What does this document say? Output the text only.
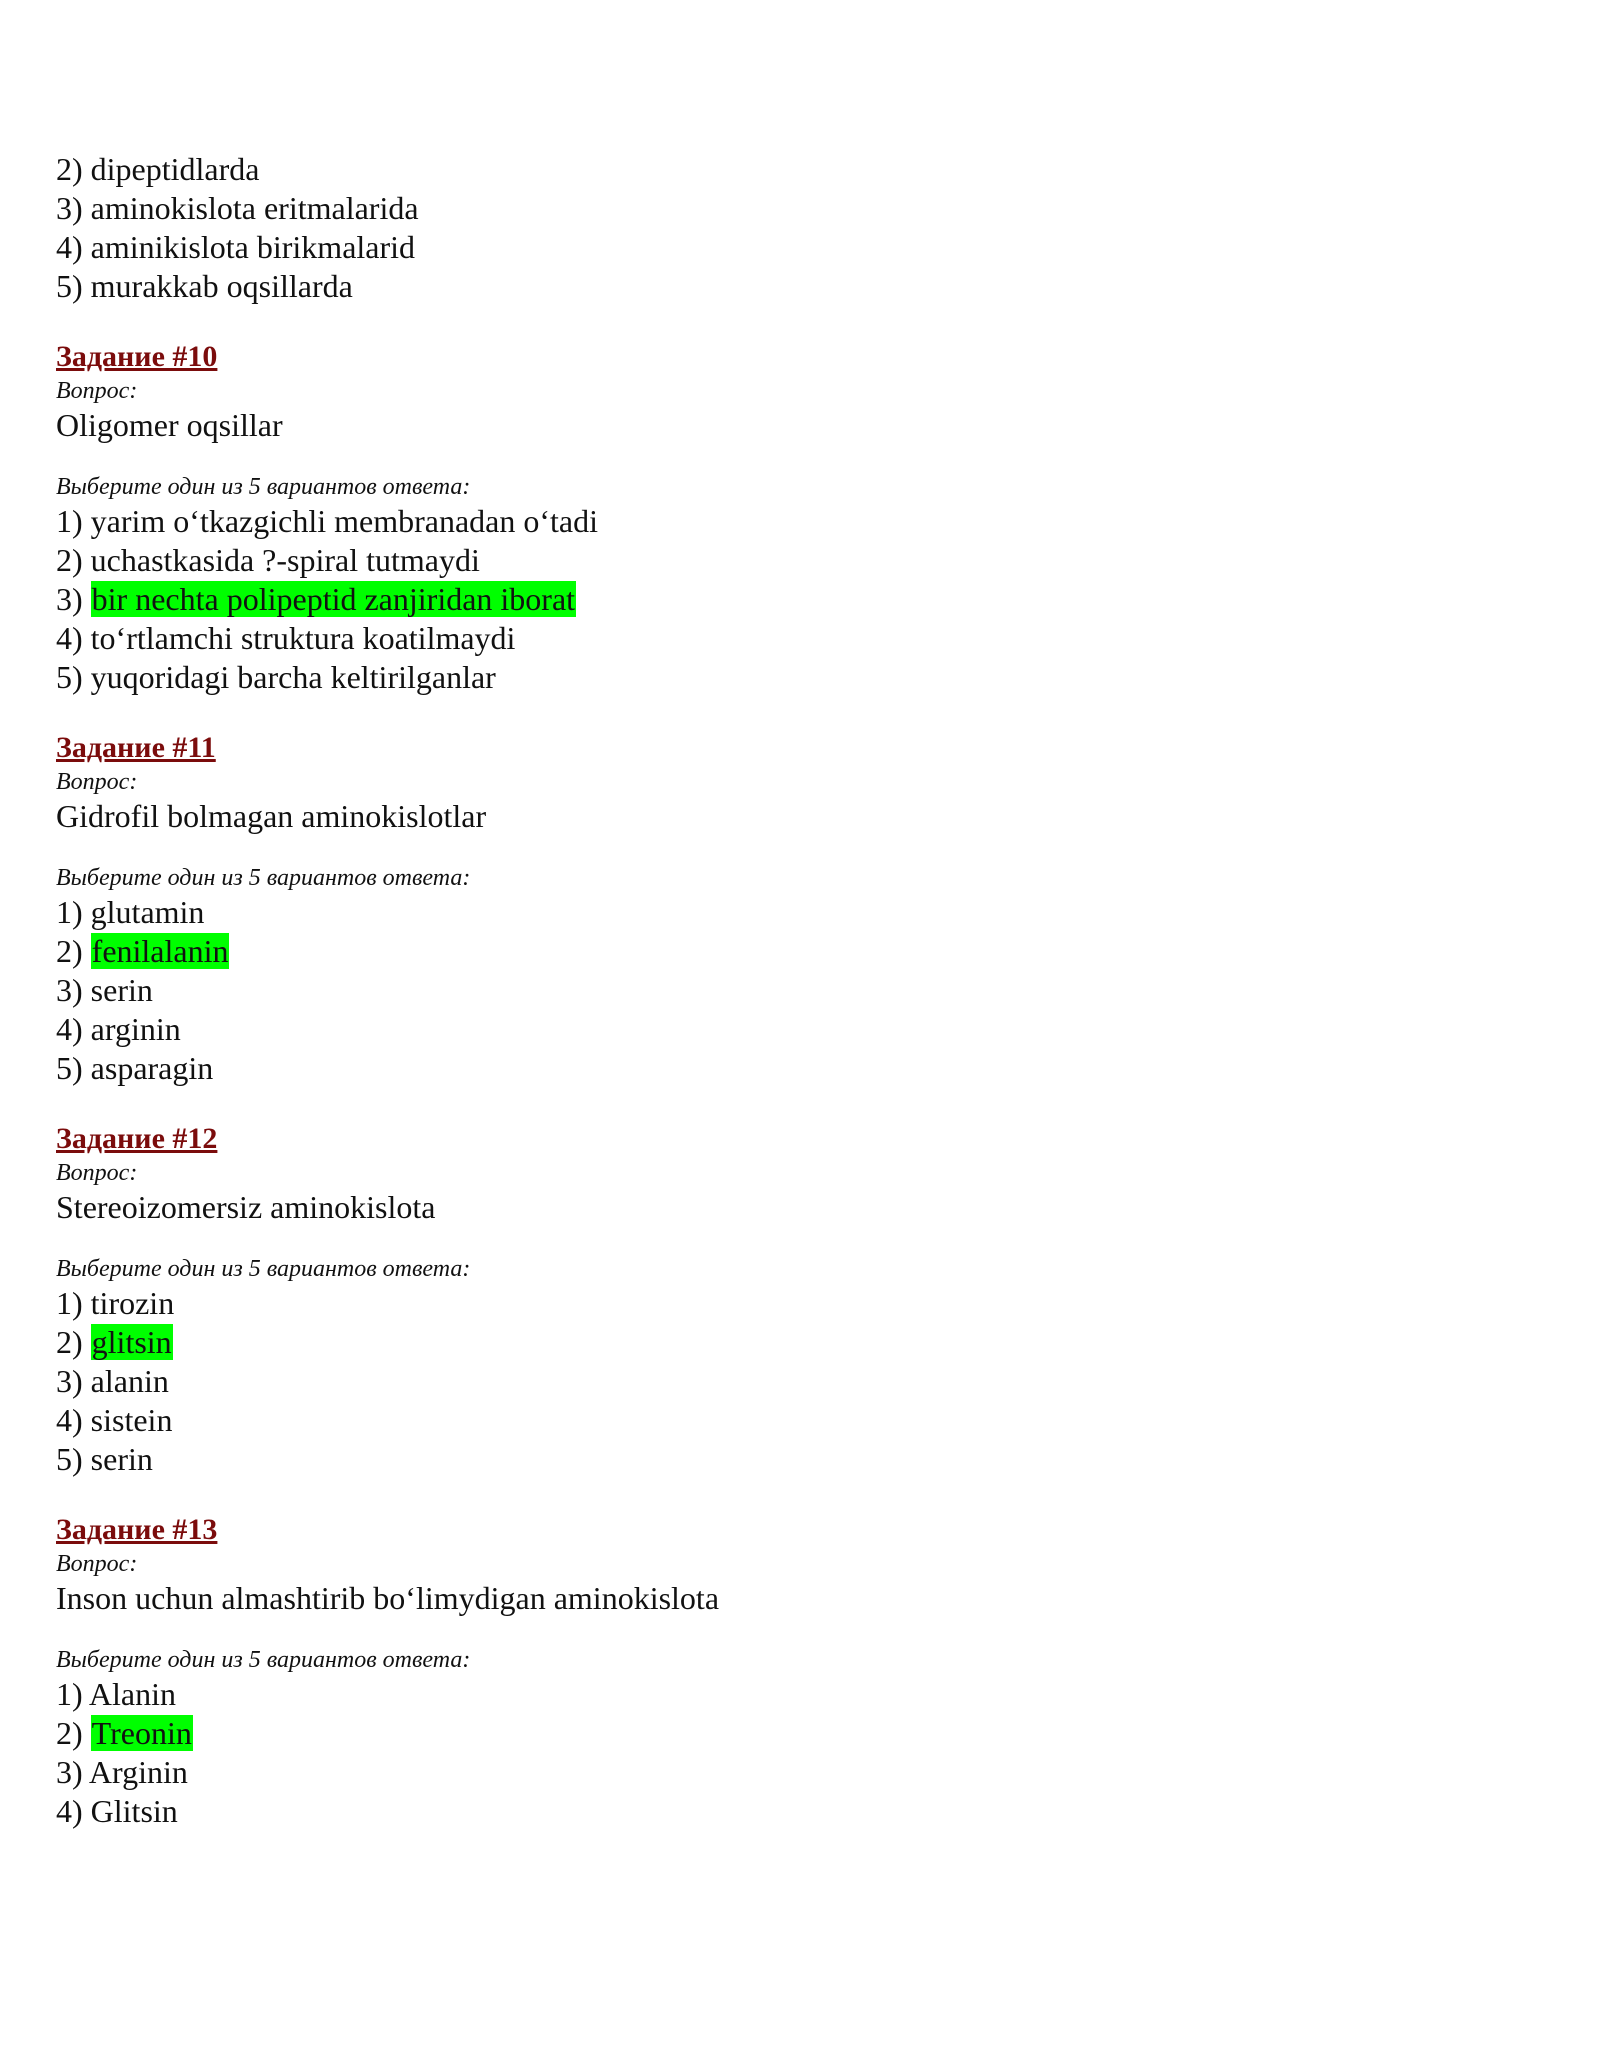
2) dipeptidlarda
3) aminokislota eritmalarida
4) aminikislota birikmalarid
5) murakkab oqsillarda
Задание #10
Вопрос:
Oligomer oqsillar
Выберите один из 5 вариантов ответа:
1) yarim o‘tkazgichli membranadan o‘tadi
2) uchastkasida ?-spiral tutmaydi
3) bir nechta polipeptid zanjiridan iborat
4) to‘rtlamchi struktura koatilmaydi
5) yuqoridagi barcha keltirilganlar
Задание #11
Вопрос:
Gidrofil bolmagan aminokislotlar
Выберите один из 5 вариантов ответа:
1) glutamin
2) fenilalanin
3) serin
4) arginin
5) asparagin
Задание #12
Вопрос:
Stereoizomersiz aminokislota
Выберите один из 5 вариантов ответа:
1) tirozin
2) glitsin
3) alanin
4) sistein
5) serin
Задание #13
Вопрос:
Inson uchun almashtirib bo‘limydigan aminokislota
Выберите один из 5 вариантов ответа:
1) Alanin
2) Treonin
3) Arginin
4) Glitsin
